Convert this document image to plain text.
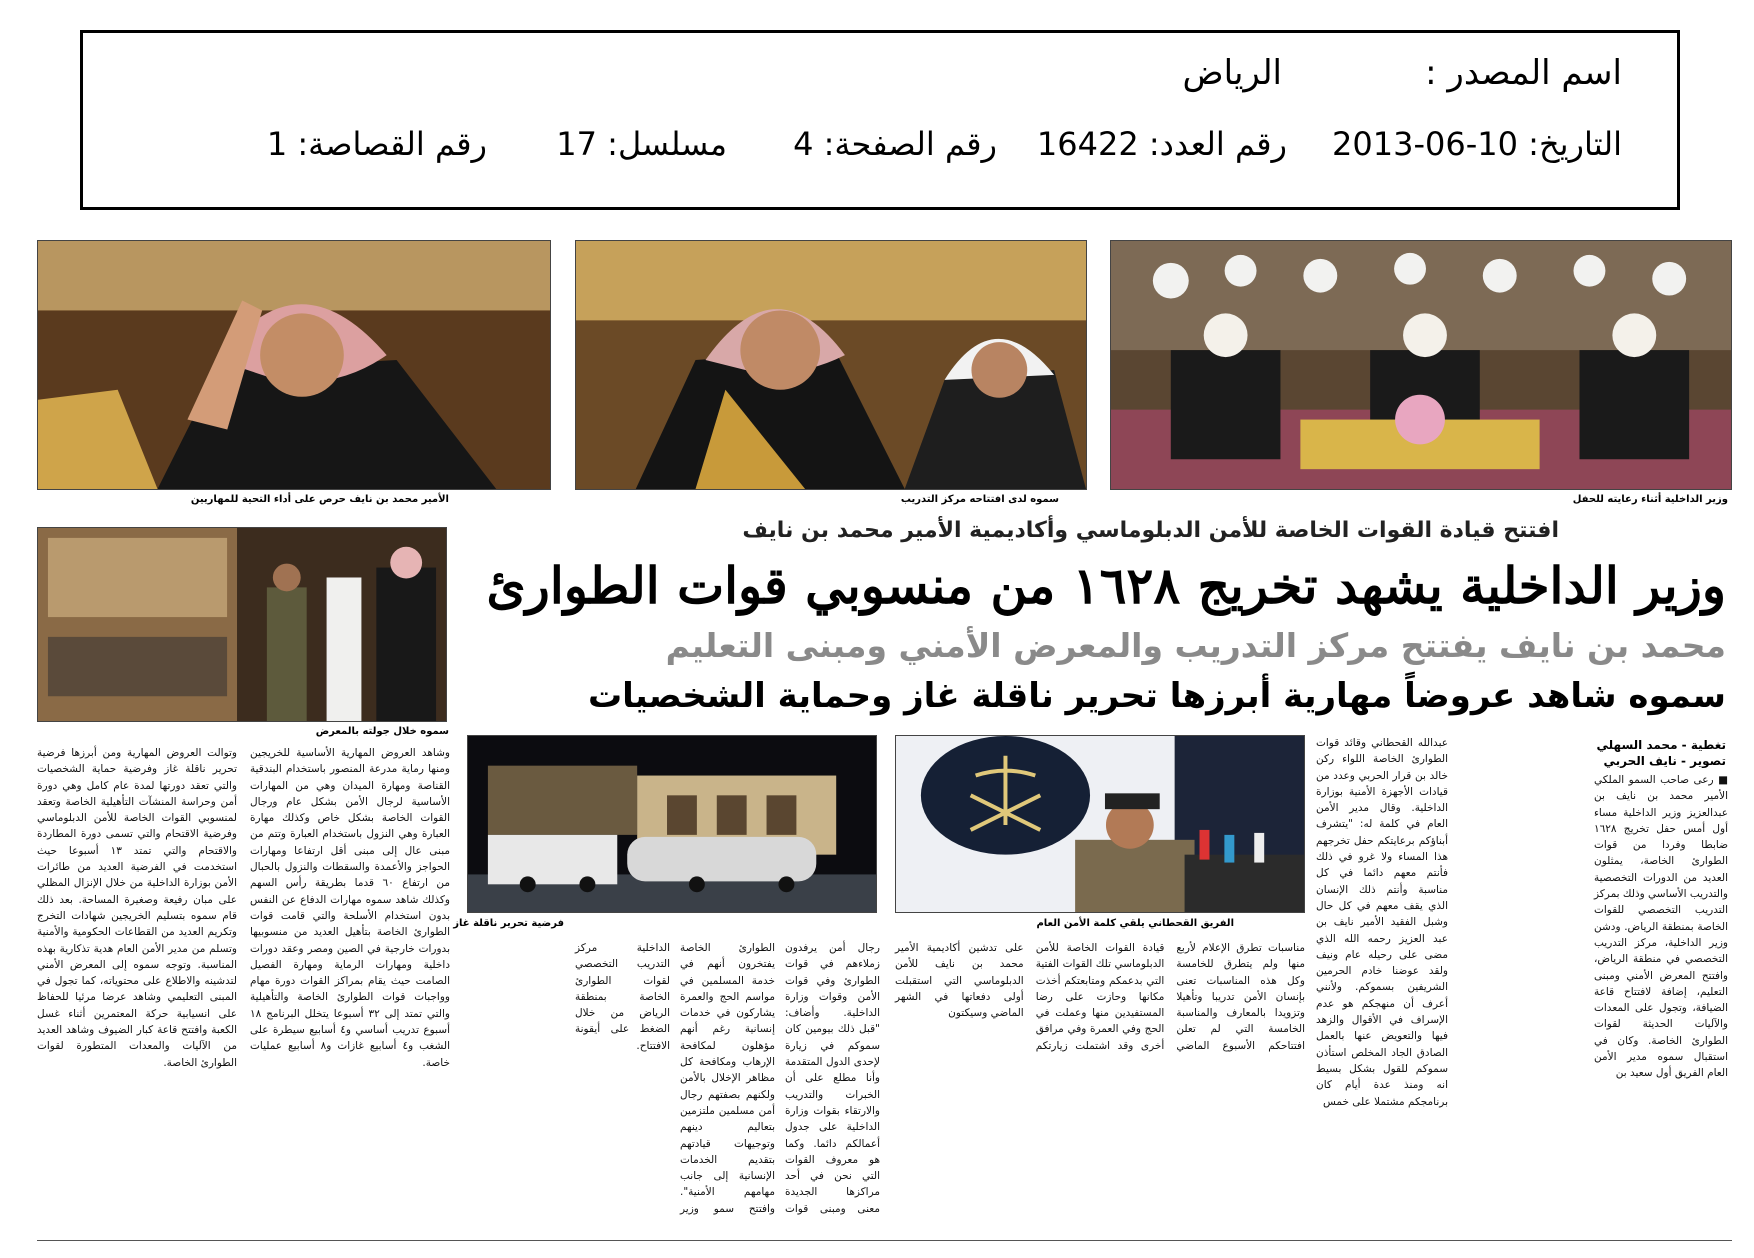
اسم المصدر :
الرياض
التاريخ: 10-06-2013
رقم العدد: 16422
رقم الصفحة: 4
مسلسل: 17
رقم القصاصة: 1
وزير الداخلية أثناء رعايته للحفل
سموه لدى افتتاحه مركز التدريب
الأمير محمد بن نايف حرص على أداء التحية للمهاريين
سموه خلال جولته بالمعرض
افتتح قيادة القوات الخاصة للأمن الدبلوماسي وأكاديمية الأمير محمد بن نايف
وزير الداخلية يشهد تخريج ١٦٢٨ من منسوبي قوات الطوارئ
محمد بن نايف يفتتح مركز التدريب والمعرض الأمني ومبنى التعليم
سموه شاهد عروضاً مهارية أبرزها تحرير ناقلة غاز وحماية الشخصيات
الفريق القحطاني يلقي كلمة الأمن العام
فرضية تحرير ناقلة غاز
تغطية - محمد السهلي
تصوير - نايف الحربي

■ رعى صاحب السمو الملكي الأمير محمد بن نايف بن عبدالعزيز وزير الداخلية مساء أول أمس حفل تخريج ١٦٢٨ ضابطا وفردا من قوات الطوارئ الخاصة، يمثلون العديد من الدورات التخصصية والتدريب الأساسي وذلك بمركز التدريب التخصصي للقوات الخاصة بمنطقة الرياض. ودشن وزير الداخلية، مركز التدريب التخصصي في منطقة الرياض، وافتتح المعرض الأمني ومبنى التعليم، إضافة لافتتاح قاعة الضيافة، وتجول على المعدات والآليات الحديثة لقوات الطوارئ الخاصة. وكان في استقبال سموه مدير الأمن العام الفريق أول سعيد بن

عبدالله القحطاني وقائد قوات الطوارئ الخاصة اللواء ركن خالد بن قرار الحربي وعدد من قيادات الأجهزة الأمنية بوزارة الداخلية. وقال مدير الأمن العام في كلمة له: "يتشرف أبناؤكم برعايتكم حفل تخرجهم هذا المساء ولا غرو في ذلك فأنتم معهم دائما في كل مناسبة وأنتم ذلك الإنسان الذي يقف معهم في كل حال وشبل الفقيد الأمير نايف بن عبد العزيز رحمه الله الذي مضى على رحيله عام ونيف ولقد عوضنا خادم الحرمين الشريفين بسموكم. ولأنني أعرف أن منهجكم هو عدم الإسراف في الأقوال والزهد فيها والتعويض عنها بالعمل الصادق الجاد المخلص استأذن سموكم للقول بشكل بسيط انه ومنذ عدة أيام كان برنامجكم مشتملا على خمس

مناسبات تطرق الإعلام لأربع منها ولم يتطرق للخامسة وكل هذه المناسبات تعنى بإنسان الأمن تدريبا وتأهيلا وتزويدا بالمعارف والمناسبة الخامسة التي لم تعلن افتتاحكم الأسبوع الماضي قيادة القوات الخاصة للأمن الدبلوماسي تلك القوات الفتية التي بدعمكم ومتابعتكم أخذت مكانها وحازت على رضا المستفيدين منها وعملت في الحج وفي العمرة وفي مرافق أخرى وقد اشتملت زيارتكم على تدشين أكاديمية الأمير محمد بن نايف للأمن الدبلوماسي التي استقبلت أولى دفعاتها في الشهر الماضي وسيكتون

رجال أمن يرفدون زملاءهم في قوات الطوارئ وفي قوات الأمن وقوات وزارة الداخلية. وأضاف: "قبل ذلك بيومين كان سموكم في زيارة لإحدى الدول المتقدمة وأنا مطلع على أن الخبرات والتدريب والارتقاء بقوات وزارة الداخلية على جدول أعمالكم دائما. وكما هو معروف القوات التي نحن في أحد مراكزها الجديدة معنى ومبنى قوات الطوارئ الخاصة يفتخرون أنهم في خدمة المسلمين في مواسم الحج والعمرة يشاركون في خدمات إنسانية رغم أنهم مؤهلون لمكافحة الإرهاب ومكافحة كل مظاهر الإخلال بالأمن ولكنهم بصفتهم رجال أمن مسلمين ملتزمين بتعاليم دينهم وتوجيهات قيادتهم بتقديم الخدمات الإنسانية إلى جانب مهامهم الأمنية". وافتتح سمو وزير الداخلية مركز التدريب التخصصي لقوات الطوارئ الخاصة بمنطقة الرياض من خلال الضغط على أيقونة الافتتاح.

وشاهد العروض المهارية الأساسية للخريجين ومنها رماية مدرعة المنصور باستخدام البندقية القناصة ومهارة الميدان وهي من المهارات الأساسية لرجال الأمن بشكل عام ورجال القوات الخاصة بشكل خاص وكذلك مهارة العبارة وهي النزول باستخدام العبارة وتتم من مبنى عال إلى مبنى أقل ارتفاعا ومهارات الحواجز والأعمدة والسقطات والنزول بالحبال من ارتفاع ٦٠ قدما بطريقة رأس السهم وكذلك شاهد سموه مهارات الدفاع عن النفس بدون استخدام الأسلحة والتي قامت قوات الطوارئ الخاصة بتأهيل العديد من منسوبيها بدورات خارجية في الصين ومصر وعقد دورات داخلية ومهارات الرماية ومهارة الفصيل الصامت حيث يقام بمراكز القوات دورة مهام وواجبات قوات الطوارئ الخاصة والتأهيلية والتي تمتد إلى ٣٢ أسبوعا يتخلل البرنامج ١٨ أسبوع تدريب أساسي و٤ أسابيع سيطرة على الشغب و٤ أسابيع غازات و٨ أسابيع عمليات خاصة.

وتوالت العروض المهارية ومن أبرزها فرضية تحرير ناقلة غاز وفرضية حماية الشخصيات والتي تعقد دورتها لمدة عام كامل وهي دورة أمن وحراسة المنشآت التأهيلية الخاصة وتعقد لمنسوبي القوات الخاصة للأمن الدبلوماسي وفرضية الاقتحام والتي تسمى دورة المطاردة والاقتحام والتي تمتد ١٣ أسبوعا حيث استخدمت في الفرضية العديد من طائرات الأمن بوزارة الداخلية من خلال الإنزال المظلي على مبان رفيعة وصغيرة المساحة. بعد ذلك قام سموه بتسليم الخريجين شهادات التخرج وتكريم العديد من القطاعات الحكومية والأمنية وتسلم من مدير الأمن العام هدية تذكارية بهذه المناسبة. وتوجه سموه إلى المعرض الأمني لتدشينه والاطلاع على محتوياته، كما تجول في المبنى التعليمي وشاهد عرضا مرئيا للحفاظ على انسيابية حركة المعتمرين أثناء غسل الكعبة وافتتح قاعة كبار الضيوف وشاهد العديد من الآليات والمعدات المتطورة لقوات الطوارئ الخاصة.
